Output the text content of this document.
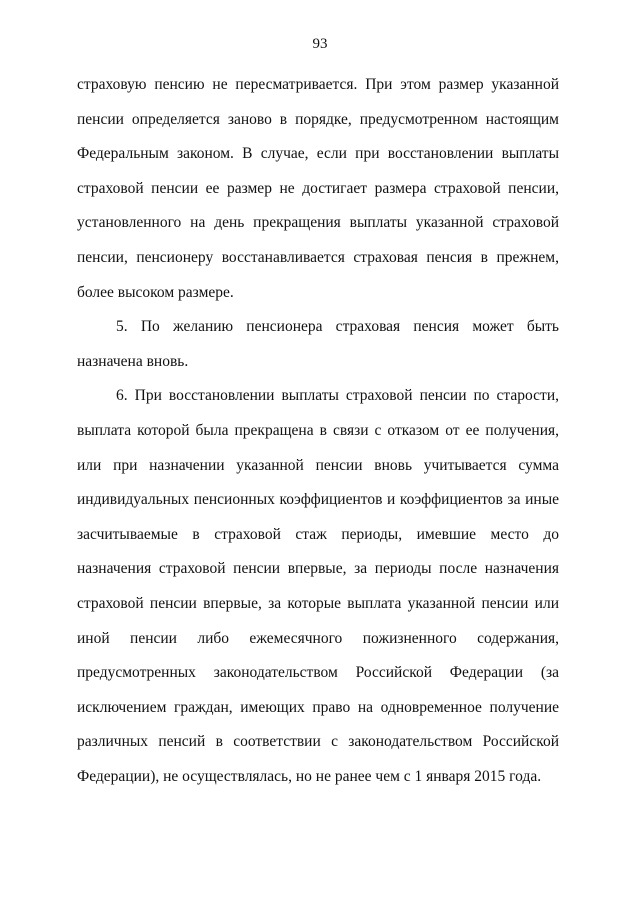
93

страховую пенсию не пересматривается. При этом размер указанной пенсии определяется заново в порядке, предусмотренном настоящим Федеральным законом. В случае, если при восстановлении выплаты страховой пенсии ее размер не достигает размера страховой пенсии, установленного на день прекращения выплаты указанной страховой пенсии, пенсионеру восстанавливается страховая пенсия в прежнем, более высоком размере.

5. По желанию пенсионера страховая пенсия может быть назначена вновь.

6. При восстановлении выплаты страховой пенсии по старости, выплата которой была прекращена в связи с отказом от ее получения, или при назначении указанной пенсии вновь учитывается сумма индивидуальных пенсионных коэффициентов и коэффициентов за иные засчитываемые в страховой стаж периоды, имевшие место до назначения страховой пенсии впервые, за периоды после назначения страховой пенсии впервые, за которые выплата указанной пенсии или иной пенсии либо ежемесячного пожизненного содержания, предусмотренных законодательством Российской Федерации (за исключением граждан, имеющих право на одновременное получение различных пенсий в соответствии с законодательством Российской Федерации), не осуществлялась, но не ранее чем с 1 января 2015 года.
